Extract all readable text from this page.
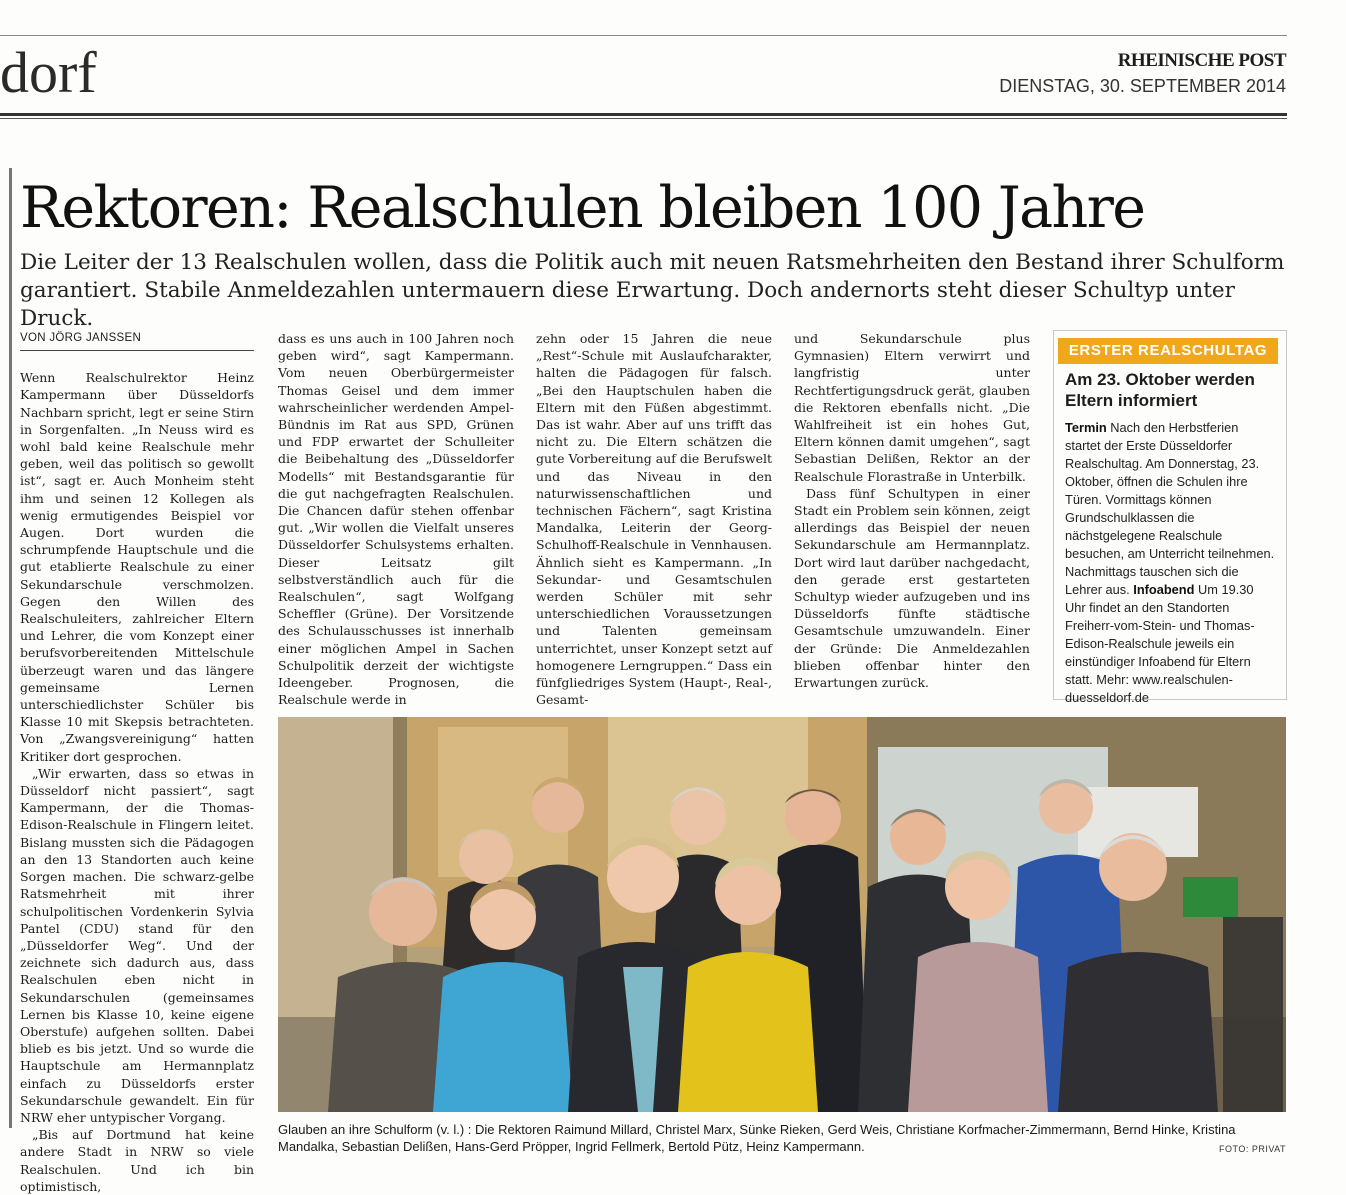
dorf	RHEINISCHE POST
DIENSTAG, 30. SEPTEMBER 2014
Rektoren: Realschulen bleiben 100 Jahre
Die Leiter der 13 Realschulen wollen, dass die Politik auch mit neuen Ratsmehrheiten den Bestand ihrer Schulform garantiert. Stabile Anmeldezahlen untermauern diese Erwartung. Doch andernorts steht dieser Schultyp unter Druck.
VON JÖRG JANSSEN

Wenn Realschulrektor Heinz Kampermann über Düsseldorfs Nachbarn spricht, legt er seine Stirn in Sorgenfalten. „In Neuss wird es wohl bald keine Realschule mehr geben, weil das politisch so gewollt ist“, sagt er. Auch Monheim steht ihm und seinen 12 Kollegen als wenig ermutigendes Beispiel vor Augen. Dort wurden die schrumpfende Hauptschule und die gut etablierte Realschule zu einer Sekundarschule verschmolzen. Gegen den Willen des Realschuleiters, zahlreicher Eltern und Lehrer, die vom Konzept einer berufsvorbereitenden Mittelschule überzeugt waren und das längere gemeinsame Lernen unterschiedlichster Schüler bis Klasse 10 mit Skepsis betrachteten. Von „Zwangsvereinigung“ hatten Kritiker dort gesprochen.

„Wir erwarten, dass so etwas in Düsseldorf nicht passiert“, sagt Kampermann, der die Thomas-Edison-Realschule in Flingern leitet. Bislang mussten sich die Pädagogen an den 13 Standorten auch keine Sorgen machen. Die schwarz-gelbe Ratsmehrheit mit ihrer schulpolitischen Vordenkerin Sylvia Pantel (CDU) stand für den „Düsseldorfer Weg“. Und der zeichnete sich dadurch aus, dass Realschulen eben nicht in Sekundarschulen (gemeinsames Lernen bis Klasse 10, keine eigene Oberstufe) aufgehen sollten. Dabei blieb es bis jetzt. Und so wurde die Hauptschule am Hermannplatz einfach zu Düsseldorfs erster Sekundarschule gewandelt. Ein für NRW eher untypischer Vorgang.

„Bis auf Dortmund hat keine andere Stadt in NRW so viele Realschulen. Und ich bin optimistisch,

dass es uns auch in 100 Jahren noch geben wird“, sagt Kampermann. Vom neuen Oberbürgermeister Thomas Geisel und dem immer wahrscheinlicher werdenden Ampel-Bündnis im Rat aus SPD, Grünen und FDP erwartet der Schulleiter die Beibehaltung des „Düsseldorfer Modells“ mit Bestandsgarantie für die gut nachgefragten Realschulen. Die Chancen dafür stehen offenbar gut. „Wir wollen die Vielfalt unseres Düsseldorfer Schulsystems erhalten. Dieser Leitsatz gilt selbstverständlich auch für die Realschulen“, sagt Wolfgang Scheffler (Grüne). Der Vorsitzende des Schulausschusses ist innerhalb einer möglichen Ampel in Sachen Schulpolitik derzeit der wichtigste Ideengeber. Prognosen, die Realschule werde in

zehn oder 15 Jahren die neue „Rest“-Schule mit Auslaufcharakter, halten die Pädagogen für falsch. „Bei den Hauptschulen haben die Eltern mit den Füßen abgestimmt. Das ist wahr. Aber auf uns trifft das nicht zu. Die Eltern schätzen die gute Vorbereitung auf die Berufswelt und das Niveau in den naturwissenschaftlichen und technischen Fächern“, sagt Kristina Mandalka, Leiterin der Georg-Schulhoff-Realschule in Vennhausen. Ähnlich sieht es Kampermann. „In Sekundar- und Gesamtschulen werden Schüler mit sehr unterschiedlichen Voraussetzungen und Talenten gemeinsam unterrichtet, unser Konzept setzt auf homogenere Lerngruppen.“ Dass ein fünfgliedriges System (Haupt-, Real-, Gesamt-

und Sekundarschule plus Gymnasien) Eltern verwirrt und langfristig unter Rechtfertigungsdruck gerät, glauben die Rektoren ebenfalls nicht. „Die Wahlfreiheit ist ein hohes Gut, Eltern können damit umgehen“, sagt Sebastian Delißen, Rektor an der Realschule Florastraße in Unterbilk.

Dass fünf Schultypen in einer Stadt ein Problem sein können, zeigt allerdings das Beispiel der neuen Sekundarschule am Hermannplatz. Dort wird laut darüber nachgedacht, den gerade erst gestarteten Schultyp wieder aufzugeben und ins Düsseldorfs fünfte städtische Gesamtschule umzuwandeln. Einer der Gründe: Die Anmeldezahlen blieben offenbar hinter den Erwartungen zurück.

ERSTER REALSCHULTAG
Am 23. Oktober werden Eltern informiert
Termin Nach den Herbstferien startet der Erste Düsseldorfer Realschultag. Am Donnerstag, 23. Oktober, öffnen die Schulen ihre Türen. Vormittags können Grundschulklassen die nächstgelegene Realschule besuchen, am Unterricht teilnehmen. Nachmittags tauschen sich die Lehrer aus. Infoabend Um 19.30 Uhr findet an den Standorten Freiherr-vom-Stein- und Thomas-Edison-Realschule jeweils ein einstündiger Infoabend für Eltern statt. Mehr: www.realschulen-duesseldorf.de
Glauben an ihre Schulform (v. l.) : Die Rektoren Raimund Millard, Christel Marx, Sünke Rieken, Gerd Weis, Christiane Korfmacher-Zimmermann, Bernd Hinke, Kristina Mandalka, Sebastian Delißen, Hans-Gerd Pröpper, Ingrid Fellmerk, Bertold Pütz, Heinz Kampermann.	FOTO: PRIVAT
